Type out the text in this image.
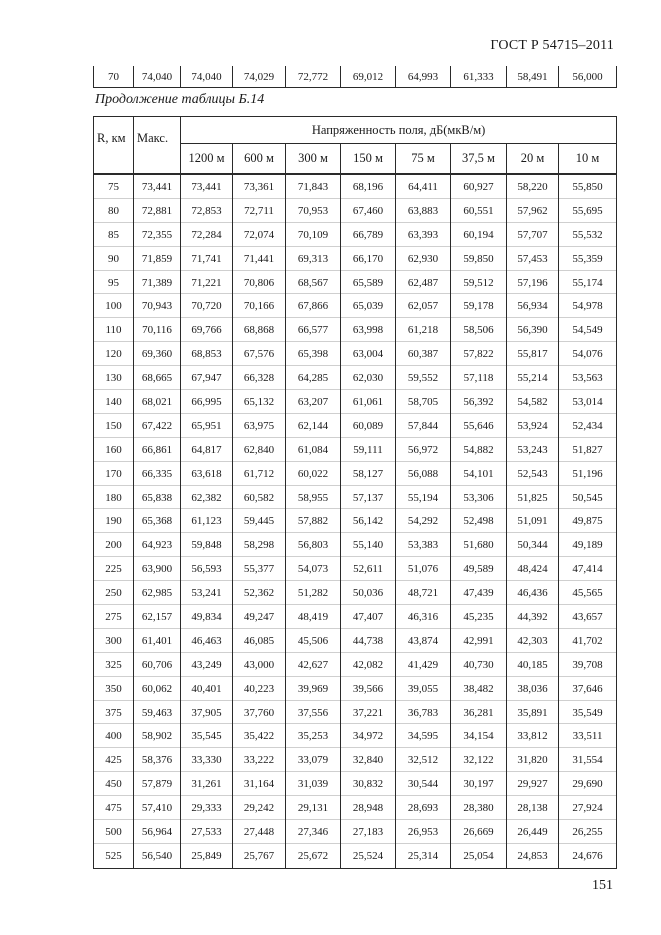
ГОСТ Р 54715–2011
70	74,040	74,040	74,029	72,772	69,012	64,993	61,333	58,491	56,000
Продолжение таблицы Б.14
R, км	Макс.	Напряженность поля, дБ(мкВ/м)							
		1200 м	600 м	300 м	150 м	75 м	37,5 м	20 м	10 м
75	73,441	73,441	73,361	71,843	68,196	64,411	60,927	58,220	55,850
80	72,881	72,853	72,711	70,953	67,460	63,883	60,551	57,962	55,695
85	72,355	72,284	72,074	70,109	66,789	63,393	60,194	57,707	55,532
90	71,859	71,741	71,441	69,313	66,170	62,930	59,850	57,453	55,359
95	71,389	71,221	70,806	68,567	65,589	62,487	59,512	57,196	55,174
100	70,943	70,720	70,166	67,866	65,039	62,057	59,178	56,934	54,978
110	70,116	69,766	68,868	66,577	63,998	61,218	58,506	56,390	54,549
120	69,360	68,853	67,576	65,398	63,004	60,387	57,822	55,817	54,076
130	68,665	67,947	66,328	64,285	62,030	59,552	57,118	55,214	53,563
140	68,021	66,995	65,132	63,207	61,061	58,705	56,392	54,582	53,014
150	67,422	65,951	63,975	62,144	60,089	57,844	55,646	53,924	52,434
160	66,861	64,817	62,840	61,084	59,111	56,972	54,882	53,243	51,827
170	66,335	63,618	61,712	60,022	58,127	56,088	54,101	52,543	51,196
180	65,838	62,382	60,582	58,955	57,137	55,194	53,306	51,825	50,545
190	65,368	61,123	59,445	57,882	56,142	54,292	52,498	51,091	49,875
200	64,923	59,848	58,298	56,803	55,140	53,383	51,680	50,344	49,189
225	63,900	56,593	55,377	54,073	52,611	51,076	49,589	48,424	47,414
250	62,985	53,241	52,362	51,282	50,036	48,721	47,439	46,436	45,565
275	62,157	49,834	49,247	48,419	47,407	46,316	45,235	44,392	43,657
300	61,401	46,463	46,085	45,506	44,738	43,874	42,991	42,303	41,702
325	60,706	43,249	43,000	42,627	42,082	41,429	40,730	40,185	39,708
350	60,062	40,401	40,223	39,969	39,566	39,055	38,482	38,036	37,646
375	59,463	37,905	37,760	37,556	37,221	36,783	36,281	35,891	35,549
400	58,902	35,545	35,422	35,253	34,972	34,595	34,154	33,812	33,511
425	58,376	33,330	33,222	33,079	32,840	32,512	32,122	31,820	31,554
450	57,879	31,261	31,164	31,039	30,832	30,544	30,197	29,927	29,690
475	57,410	29,333	29,242	29,131	28,948	28,693	28,380	28,138	27,924
500	56,964	27,533	27,448	27,346	27,183	26,953	26,669	26,449	26,255
525	56,540	25,849	25,767	25,672	25,524	25,314	25,054	24,853	24,676
151
